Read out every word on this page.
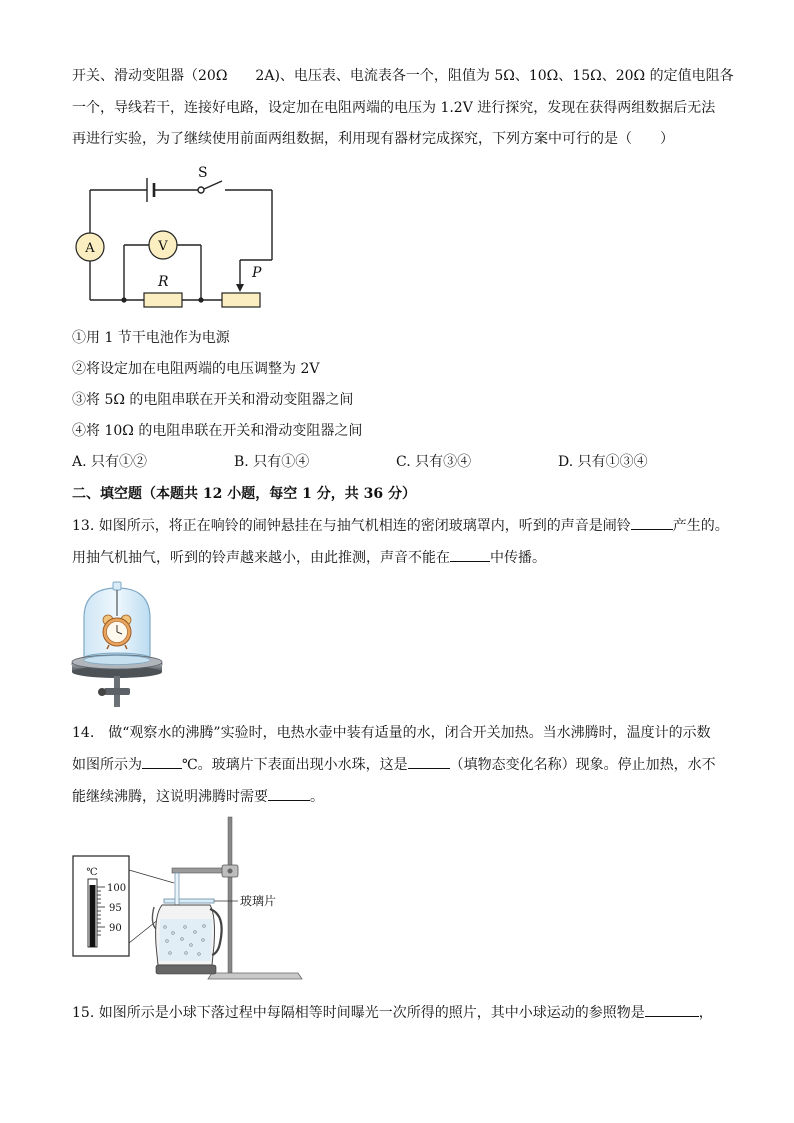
开关、滑动变阻器（20Ω　　2A)、电压表、电流表各一个，阻值为 5Ω、10Ω、15Ω、20Ω 的定值电阻各
一个，导线若干，连接好电路，设定加在电阻两端的电压为 1.2V 进行探究，发现在获得两组数据后无法
再进行实验，为了继续使用前面两组数据，利用现有器材完成探究，下列方案中可行的是（　　）
S
A	V
R
P
①用 1 节干电池作为电源
②将设定加在电阻两端的电压调整为 2V
③将 5Ω 的电阻串联在开关和滑动变阻器之间
④将 10Ω 的电阻串联在开关和滑动变阻器之间
A. 只有①②	B. 只有①④	C. 只有③④	D. 只有①③④
二、填空题（本题共 12 小题，每空 1 分，共 36 分）
13. 如图所示，将正在响铃的闹钟悬挂在与抽气机相连的密闭玻璃罩内，听到的声音是闹铃	产生的。
用抽气机抽气，听到的铃声越来越小，由此推测，声音不能在	中传播。
14.　做“观察水的沸腾”实验时，电热水壶中装有适量的水，闭合开关加热。当水沸腾时，温度计的示数
如图所示为	℃。玻璃片下表面出现小水珠，这是	（填物态变化名称）现象。停止加热，水不
能继续沸腾，这说明沸腾时需要	。
℃
100
95
90
玻璃片
15. 如图所示是小球下落过程中每隔相等时间曝光一次所得的照片，其中小球运动的参照物是	，
